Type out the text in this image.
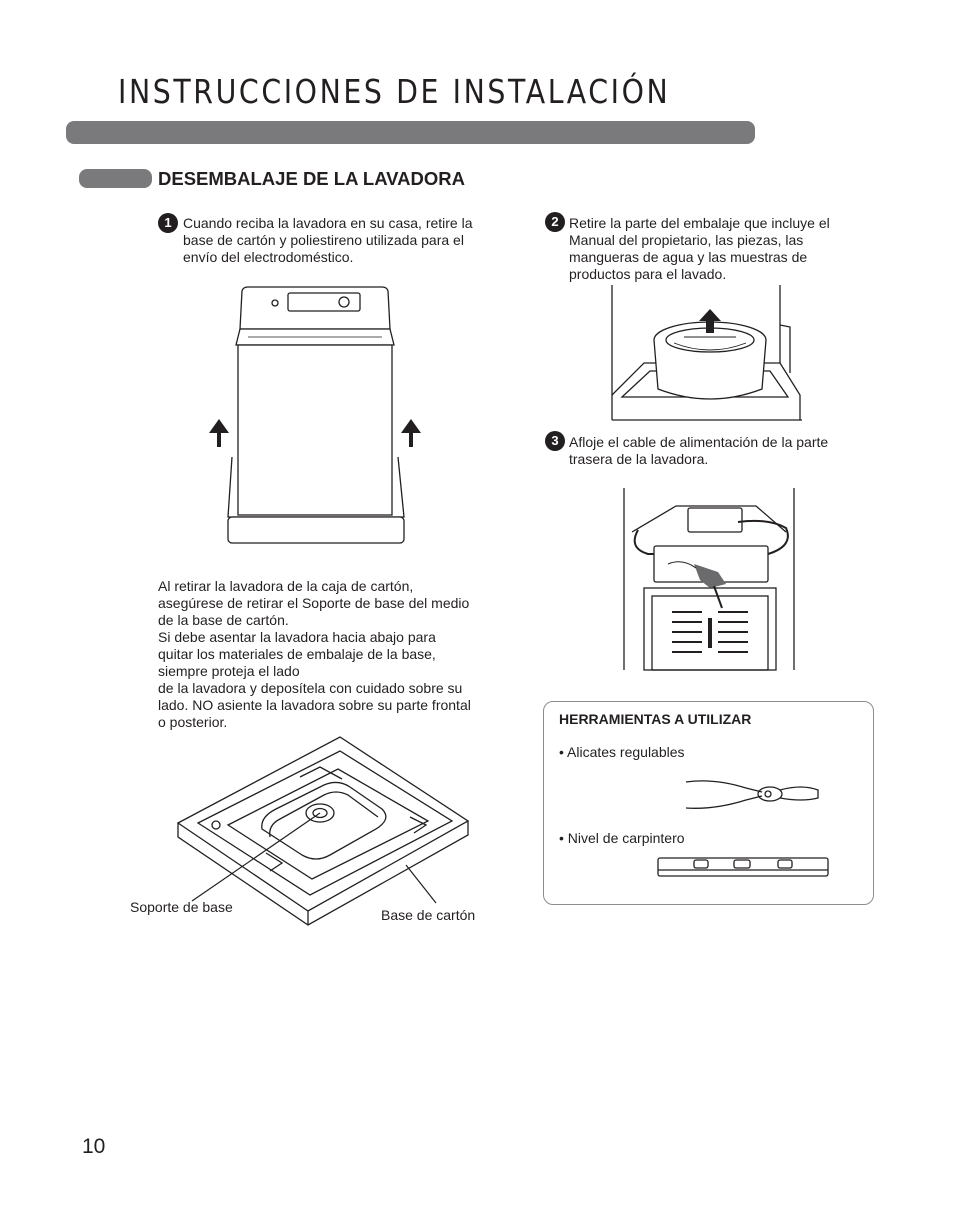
INSTRUCCIONES DE INSTALACIÓN
DESEMBALAJE DE LA LAVADORA
1 Cuando reciba la lavadora en su casa, retire la base de cartón y poliestireno utilizada para el envío del electrodoméstico.
2 Retire la parte del embalaje que incluye el Manual del propietario, las piezas, las mangueras de agua y las muestras de productos para el lavado.
3 Afloje el cable de alimentación de la parte trasera de la lavadora.
Al retirar la lavadora de la caja de cartón,
asegúrese de retirar el Soporte de base del medio
de la base de cartón.
Si debe asentar la lavadora hacia abajo para
quitar los materiales de embalaje de la base,
siempre proteja el lado
de la lavadora y deposítela con cuidado sobre su
lado. NO asiente la lavadora sobre su parte frontal
o posterior.
Soporte de base	Base de cartón
HERRAMIENTAS A UTILIZAR
• Alicates regulables
• Nivel de carpintero
10
